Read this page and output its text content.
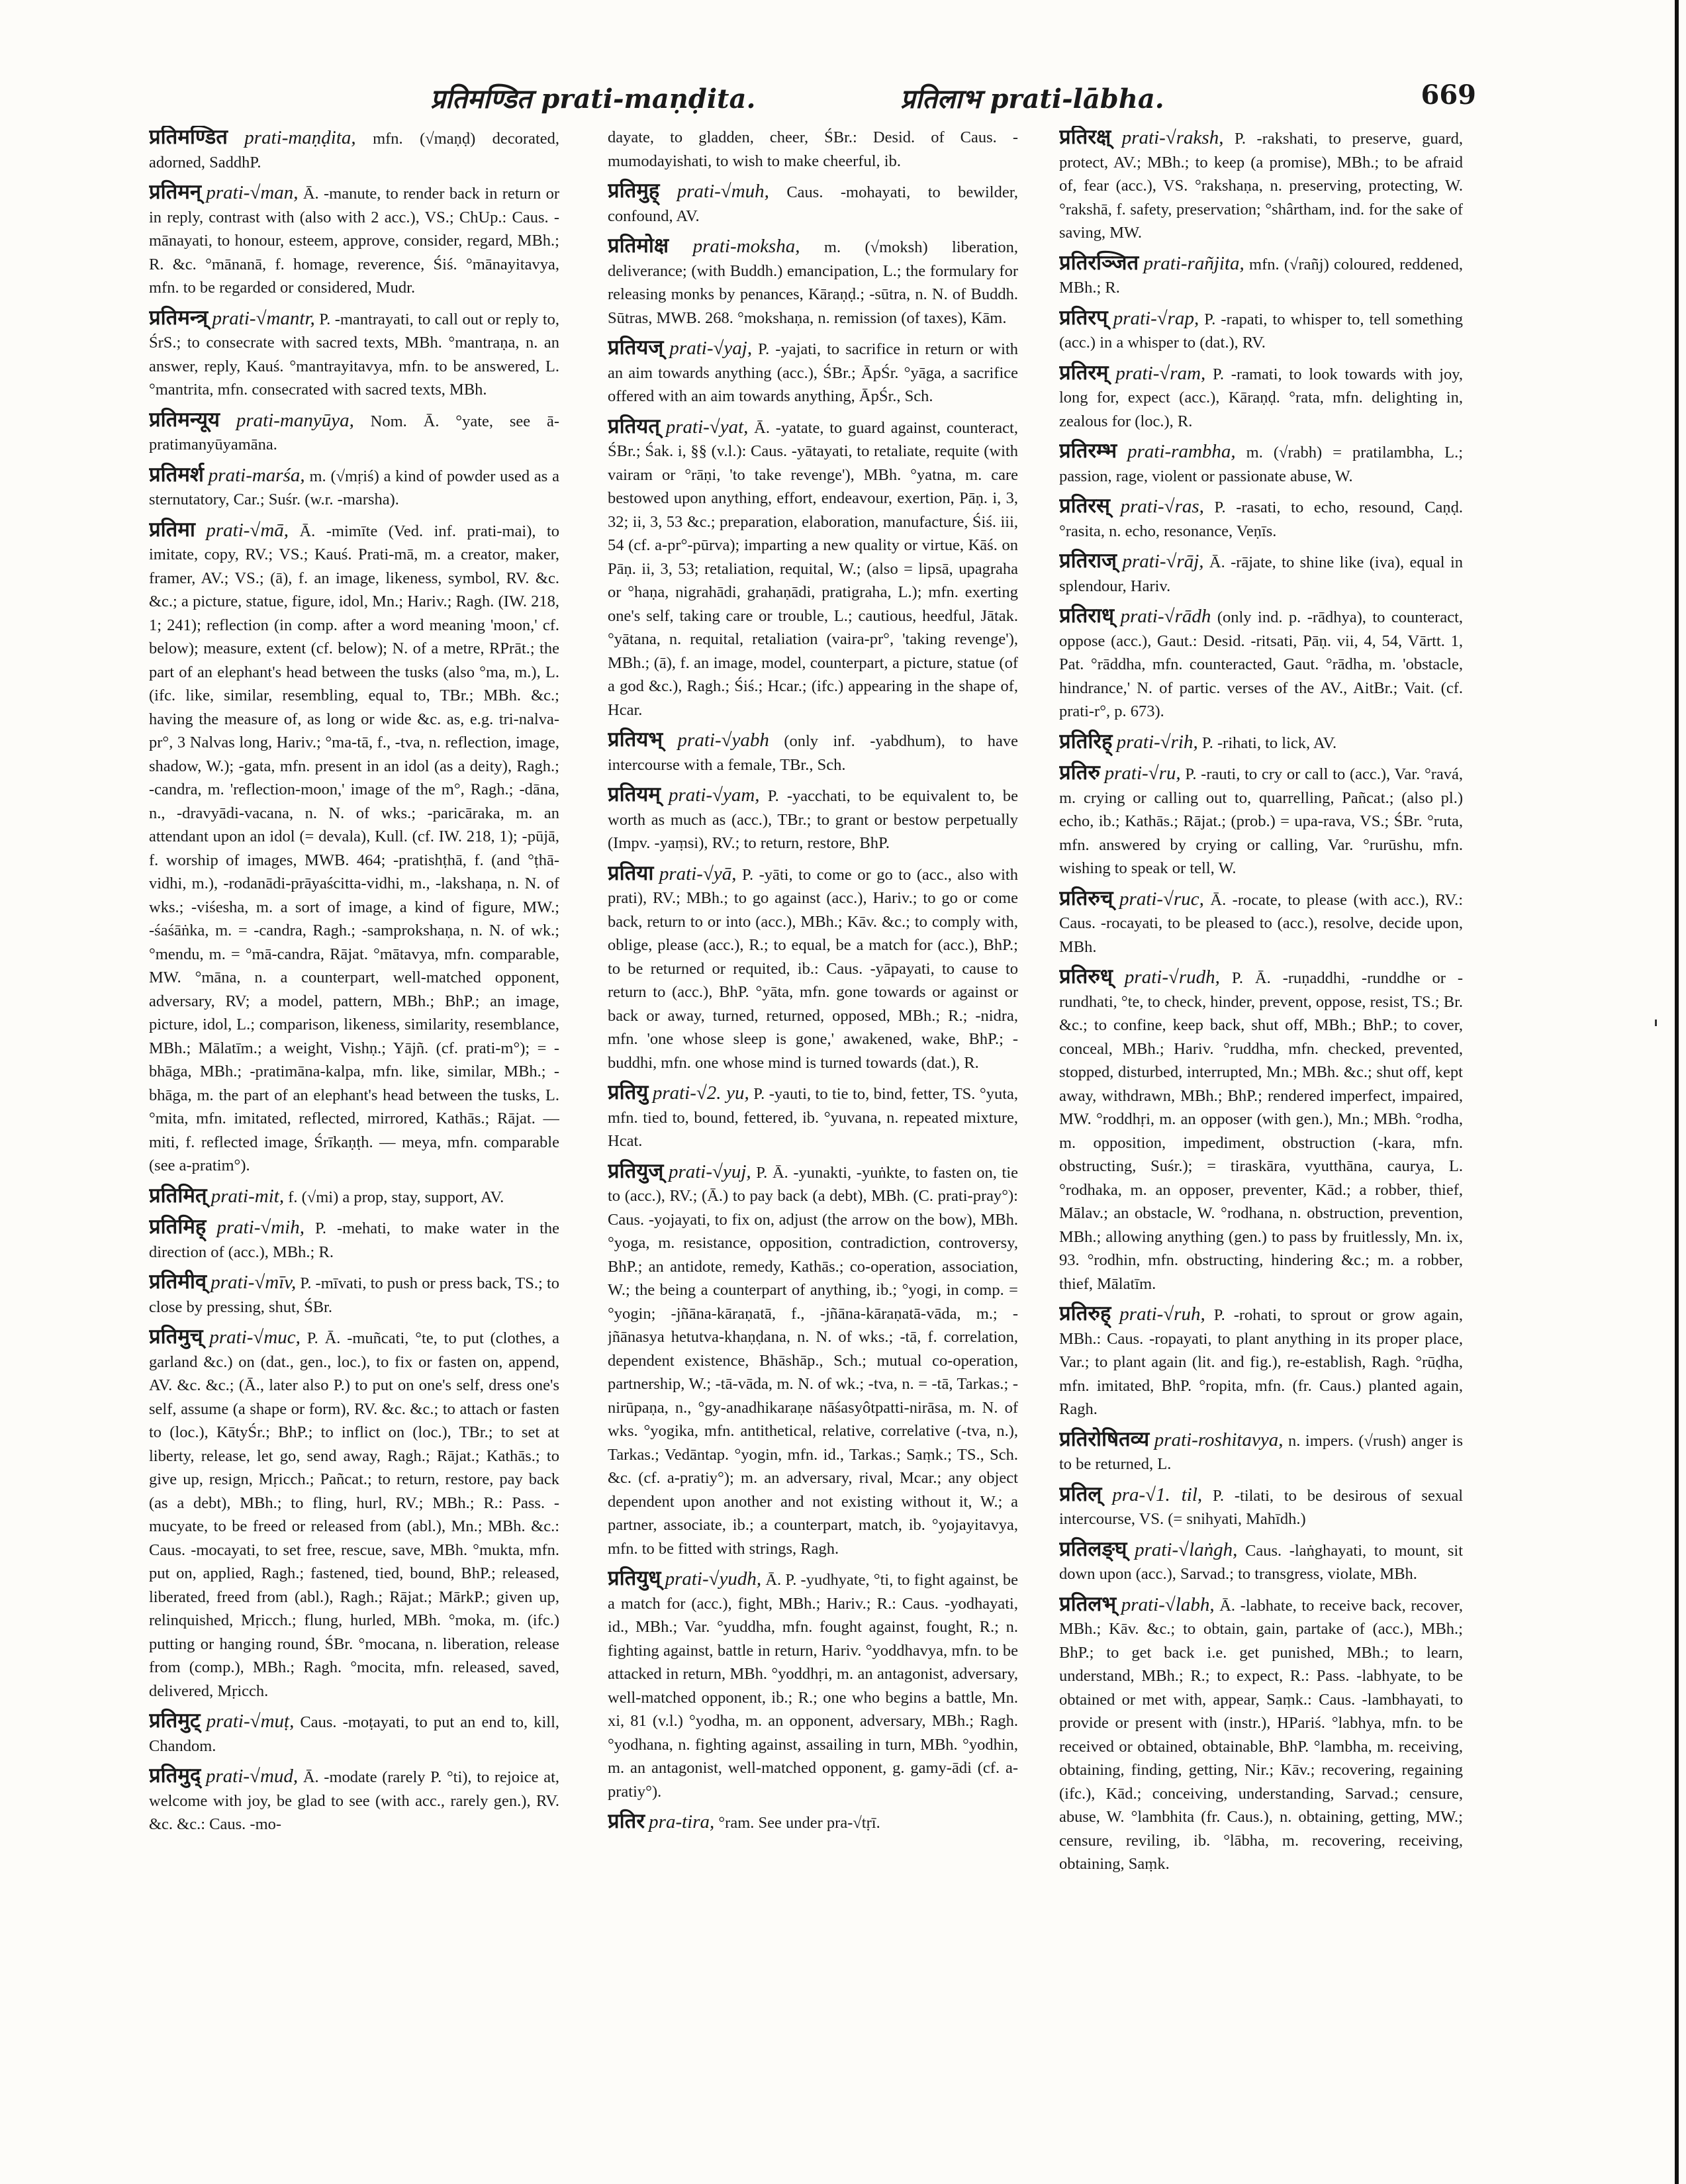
प्रतिमण्डित prati-maṇḍita.	प्रतिलाभ prati-lābha.	669

प्रतिमण्डित prati-maṇḍita, mfn. (√maṇḍ) decorated, adorned, SaddhP.

प्रतिमन् prati-√man, Ā. -manute, to render back in return or in reply, contrast with (also with 2 acc.), VS.; ChUp.: Caus. -mānayati, to honour, esteem, approve, consider, regard, MBh.; R. &c. °mānanā, f. homage, reverence, Śiś. °mānayitavya, mfn. to be regarded or considered, Mudr.

प्रतिमन्त्र् prati-√mantr, P. -mantrayati, to call out or reply to, ŚrS.; to consecrate with sacred texts, MBh. °mantraṇa, n. an answer, reply, Kauś. °mantrayitavya, mfn. to be answered, L. °mantrita, mfn. consecrated with sacred texts, MBh.

प्रतिमन्यूय prati-manyūya, Nom. Ā. °yate, see ā-pratimanyūyamāna.

प्रतिमर्श prati-marśa, m. (√mṛiś) a kind of powder used as a sternutatory, Car.; Suśr. (w.r. -marsha).

प्रतिमा prati-√mā, Ā. -mimīte (Ved. inf. prati-mai), to imitate, copy, RV.; VS.; Kauś. Prati-mā, m. a creator, maker, framer, AV.; VS.; (ā), f. an image, likeness, symbol, RV. &c. &c.; a picture, statue, figure, idol, Mn.; Hariv.; Ragh. (IW. 218, 1; 241); reflection (in comp. after a word meaning 'moon,' cf. below); measure, extent (cf. below); N. of a metre, RPrāt.; the part of an elephant's head between the tusks (also °ma, m.), L. (ifc. like, similar, resembling, equal to, TBr.; MBh. &c.; having the measure of, as long or wide &c. as, e.g. tri-nalva-pr°, 3 Nalvas long, Hariv.; °ma-tā, f., -tva, n. reflection, image, shadow, W.); -gata, mfn. present in an idol (as a deity), Ragh.; -candra, m. 'reflection-moon,' image of the m°, Ragh.; -dāna, n., -dravyādi-vacana, n. N. of wks.; -paricāraka, m. an attendant upon an idol (= devala), Kull. (cf. IW. 218, 1); -pūjā, f. worship of images, MWB. 464; -pratishṭhā, f. (and °ṭhā-vidhi, m.), -rodanādi-prāyaścitta-vidhi, m., -lakshaṇa, n. N. of wks.; -viśesha, m. a sort of image, a kind of figure, MW.; -śaśāṅka, m. = -candra, Ragh.; -samprokshaṇa, n. N. of wk.; °mendu, m. = °mā-candra, Rājat. °mātavya, mfn. comparable, MW. °māna, n. a counterpart, well-matched opponent, adversary, RV; a model, pattern, MBh.; BhP.; an image, picture, idol, L.; comparison, likeness, similarity, resemblance, MBh.; Mālatīm.; a weight, Vishṇ.; Yājñ. (cf. prati-m°); = -bhāga, MBh.; -pratimāna-kalpa, mfn. like, similar, MBh.; -bhāga, m. the part of an elephant's head between the tusks, L. °mita, mfn. imitated, reflected, mirrored, Kathās.; Rājat. — miti, f. reflected image, Śrīkaṇṭh. — meya, mfn. comparable (see a-pratim°).

प्रतिमित् prati-mit, f. (√mi) a prop, stay, support, AV.

प्रतिमिह् prati-√mih, P. -mehati, to make water in the direction of (acc.), MBh.; R.

प्रतिमीव् prati-√mīv, P. -mīvati, to push or press back, TS.; to close by pressing, shut, ŚBr.

प्रतिमुच् prati-√muc, P. Ā. -muñcati, °te, to put (clothes, a garland &c.) on (dat., gen., loc.), to fix or fasten on, append, AV. &c. &c.; (Ā., later also P.) to put on one's self, dress one's self, assume (a shape or form), RV. &c. &c.; to attach or fasten to (loc.), KātyŚr.; BhP.; to inflict on (loc.), TBr.; to set at liberty, release, let go, send away, Ragh.; Rājat.; Kathās.; to give up, resign, Mṛicch.; Pañcat.; to return, restore, pay back (as a debt), MBh.; to fling, hurl, RV.; MBh.; R.: Pass. -mucyate, to be freed or released from (abl.), Mn.; MBh. &c.: Caus. -mocayati, to set free, rescue, save, MBh. °mukta, mfn. put on, applied, Ragh.; fastened, tied, bound, BhP.; released, liberated, freed from (abl.), Ragh.; Rājat.; MārkP.; given up, relinquished, Mṛicch.; flung, hurled, MBh. °moka, m. (ifc.) putting or hanging round, ŚBr. °mocana, n. liberation, release from (comp.), MBh.; Ragh. °mocita, mfn. released, saved, delivered, Mṛicch.

प्रतिमुट् prati-√muṭ, Caus. -moṭayati, to put an end to, kill, Chandom.

प्रतिमुद् prati-√mud, Ā. -modate (rarely P. °ti), to rejoice at, welcome with joy, be glad to see (with acc., rarely gen.), RV. &c. &c.: Caus. -mo-

dayate, to gladden, cheer, ŚBr.: Desid. of Caus. -mumodayishati, to wish to make cheerful, ib.

प्रतिमुह् prati-√muh, Caus. -mohayati, to bewilder, confound, AV.

प्रतिमोक्ष prati-moksha, m. (√moksh) liberation, deliverance; (with Buddh.) emancipation, L.; the formulary for releasing monks by penances, Kāraṇḍ.; -sūtra, n. N. of Buddh. Sūtras, MWB. 268. °mokshaṇa, n. remission (of taxes), Kām.

प्रतियज् prati-√yaj, P. -yajati, to sacrifice in return or with an aim towards anything (acc.), ŚBr.; ĀpŚr. °yāga, a sacrifice offered with an aim towards anything, ĀpŚr., Sch.

प्रतियत् prati-√yat, Ā. -yatate, to guard against, counteract, ŚBr.; Śak. i, §§ (v.l.): Caus. -yātayati, to retaliate, requite (with vairam or °rāṇi, 'to take revenge'), MBh. °yatna, m. care bestowed upon anything, effort, endeavour, exertion, Pāṇ. i, 3, 32; ii, 3, 53 &c.; preparation, elaboration, manufacture, Śiś. iii, 54 (cf. a-pr°-pūrva); imparting a new quality or virtue, Kāś. on Pāṇ. ii, 3, 53; retaliation, requital, W.; (also = lipsā, upagraha or °haṇa, nigrahādi, grahaṇādi, pratigraha, L.); mfn. exerting one's self, taking care or trouble, L.; cautious, heedful, Jātak. °yātana, n. requital, retaliation (vaira-pr°, 'taking revenge'), MBh.; (ā), f. an image, model, counterpart, a picture, statue (of a god &c.), Ragh.; Śiś.; Hcar.; (ifc.) appearing in the shape of, Hcar.

प्रतियभ् prati-√yabh (only inf. -yabdhum), to have intercourse with a female, TBr., Sch.

प्रतियम् prati-√yam, P. -yacchati, to be equivalent to, be worth as much as (acc.), TBr.; to grant or bestow perpetually (Impv. -yaṃsi), RV.; to return, restore, BhP.

प्रतिया prati-√yā, P. -yāti, to come or go to (acc., also with prati), RV.; MBh.; to go against (acc.), Hariv.; to go or come back, return to or into (acc.), MBh.; Kāv. &c.; to comply with, oblige, please (acc.), R.; to equal, be a match for (acc.), BhP.; to be returned or requited, ib.: Caus. -yāpayati, to cause to return to (acc.), BhP. °yāta, mfn. gone towards or against or back or away, turned, returned, opposed, MBh.; R.; -nidra, mfn. 'one whose sleep is gone,' awakened, wake, BhP.; -buddhi, mfn. one whose mind is turned towards (dat.), R.

प्रतियु prati-√2. yu, P. -yauti, to tie to, bind, fetter, TS. °yuta, mfn. tied to, bound, fettered, ib. °yuvana, n. repeated mixture, Hcat.

प्रतियुज् prati-√yuj, P. Ā. -yunakti, -yuṅkte, to fasten on, tie to (acc.), RV.; (Ā.) to pay back (a debt), MBh. (C. prati-pray°): Caus. -yojayati, to fix on, adjust (the arrow on the bow), MBh. °yoga, m. resistance, opposition, contradiction, controversy, BhP.; an antidote, remedy, Kathās.; co-operation, association, W.; the being a counterpart of anything, ib.; °yogi, in comp. = °yogin; -jñāna-kāraṇatā, f., -jñāna-kāraṇatā-vāda, m.; -jñānasya hetutva-khaṇḍana, n. N. of wks.; -tā, f. correlation, dependent existence, Bhāshāp., Sch.; mutual co-operation, partnership, W.; -tā-vāda, m. N. of wk.; -tva, n. = -tā, Tarkas.; -nirūpaṇa, n., °gy-anadhikaraṇe nāśasyôtpatti-nirāsa, m. N. of wks. °yogika, mfn. antithetical, relative, correlative (-tva, n.), Tarkas.; Vedāntap. °yogin, mfn. id., Tarkas.; Saṃk.; TS., Sch. &c. (cf. a-pratiy°); m. an adversary, rival, Mcar.; any object dependent upon another and not existing without it, W.; a partner, associate, ib.; a counterpart, match, ib. °yojayitavya, mfn. to be fitted with strings, Ragh.

प्रतियुध् prati-√yudh, Ā. P. -yudhyate, °ti, to fight against, be a match for (acc.), fight, MBh.; Hariv.; R.: Caus. -yodhayati, id., MBh.; Var. °yuddha, mfn. fought against, fought, R.; n. fighting against, battle in return, Hariv. °yoddhavya, mfn. to be attacked in return, MBh. °yoddhṛi, m. an antagonist, adversary, well-matched opponent, ib.; R.; one who begins a battle, Mn. xi, 81 (v.l.) °yodha, m. an opponent, adversary, MBh.; Ragh. °yodhana, n. fighting against, assailing in turn, MBh. °yodhin, m. an antagonist, well-matched opponent, g. gamy-ādi (cf. a-pratiy°).

प्रतिर pra-tira, °ram. See under pra-√tṛī.

प्रतिरक्ष् prati-√raksh, P. -rakshati, to preserve, guard, protect, AV.; MBh.; to keep (a promise), MBh.; to be afraid of, fear (acc.), VS. °rakshaṇa, n. preserving, protecting, W. °rakshā, f. safety, preservation; °shârtham, ind. for the sake of saving, MW.

प्रतिरञ्जित prati-rañjita, mfn. (√rañj) coloured, reddened, MBh.; R.

प्रतिरप् prati-√rap, P. -rapati, to whisper to, tell something (acc.) in a whisper to (dat.), RV.

प्रतिरम् prati-√ram, P. -ramati, to look towards with joy, long for, expect (acc.), Kāraṇḍ. °rata, mfn. delighting in, zealous for (loc.), R.

प्रतिरम्भ prati-rambha, m. (√rabh) = pratilambha, L.; passion, rage, violent or passionate abuse, W.

प्रतिरस् prati-√ras, P. -rasati, to echo, resound, Caṇḍ. °rasita, n. echo, resonance, Veṇīs.

प्रतिराज् prati-√rāj, Ā. -rājate, to shine like (iva), equal in splendour, Hariv.

प्रतिराध् prati-√rādh (only ind. p. -rādhya), to counteract, oppose (acc.), Gaut.: Desid. -ritsati, Pāṇ. vii, 4, 54, Vārtt. 1, Pat. °rāddha, mfn. counteracted, Gaut. °rādha, m. 'obstacle, hindrance,' N. of partic. verses of the AV., AitBr.; Vait. (cf. prati-r°, p. 673).

प्रतिरिह् prati-√rih, P. -rihati, to lick, AV.

प्रतिरु prati-√ru, P. -rauti, to cry or call to (acc.), Var. °ravá, m. crying or calling out to, quarrelling, Pañcat.; (also pl.) echo, ib.; Kathās.; Rājat.; (prob.) = upa-rava, VS.; ŚBr. °ruta, mfn. answered by crying or calling, Var. °rurūshu, mfn. wishing to speak or tell, W.

प्रतिरुच् prati-√ruc, Ā. -rocate, to please (with acc.), RV.: Caus. -rocayati, to be pleased to (acc.), resolve, decide upon, MBh.

प्रतिरुध् prati-√rudh, P. Ā. -ruṇaddhi, -runddhe or -rundhati, °te, to check, hinder, prevent, oppose, resist, TS.; Br. &c.; to confine, keep back, shut off, MBh.; BhP.; to cover, conceal, MBh.; Hariv. °ruddha, mfn. checked, prevented, stopped, disturbed, interrupted, Mn.; MBh. &c.; shut off, kept away, withdrawn, MBh.; BhP.; rendered imperfect, impaired, MW. °roddhṛi, m. an opposer (with gen.), Mn.; MBh. °rodha, m. opposition, impediment, obstruction (-kara, mfn. obstructing, Suśr.); = tiraskāra, vyutthāna, caurya, L. °rodhaka, m. an opposer, preventer, Kād.; a robber, thief, Mālav.; an obstacle, W. °rodhana, n. obstruction, prevention, MBh.; allowing anything (gen.) to pass by fruitlessly, Mn. ix, 93. °rodhin, mfn. obstructing, hindering &c.; m. a robber, thief, Mālatīm.

प्रतिरुह् prati-√ruh, P. -rohati, to sprout or grow again, MBh.: Caus. -ropayati, to plant anything in its proper place, Var.; to plant again (lit. and fig.), re-establish, Ragh. °rūḍha, mfn. imitated, BhP. °ropita, mfn. (fr. Caus.) planted again, Ragh.

प्रतिरोषितव्य prati-roshitavya, n. impers. (√rush) anger is to be returned, L.

प्रतिल् pra-√1. til, P. -tilati, to be desirous of sexual intercourse, VS. (= snihyati, Mahīdh.)

प्रतिलङ्घ् prati-√laṅgh, Caus. -laṅghayati, to mount, sit down upon (acc.), Sarvad.; to transgress, violate, MBh.

प्रतिलभ् prati-√labh, Ā. -labhate, to receive back, recover, MBh.; Kāv. &c.; to obtain, gain, partake of (acc.), MBh.; BhP.; to get back i.e. get punished, MBh.; to learn, understand, MBh.; R.; to expect, R.: Pass. -labhyate, to be obtained or met with, appear, Saṃk.: Caus. -lambhayati, to provide or present with (instr.), HPariś. °labhya, mfn. to be received or obtained, obtainable, BhP. °lambha, m. receiving, obtaining, finding, getting, Nir.; Kāv.; recovering, regaining (ifc.), Kād.; conceiving, understanding, Sarvad.; censure, abuse, W. °lambhita (fr. Caus.), n. obtaining, getting, MW.; censure, reviling, ib. °lābha, m. recovering, receiving, obtaining, Saṃk.
